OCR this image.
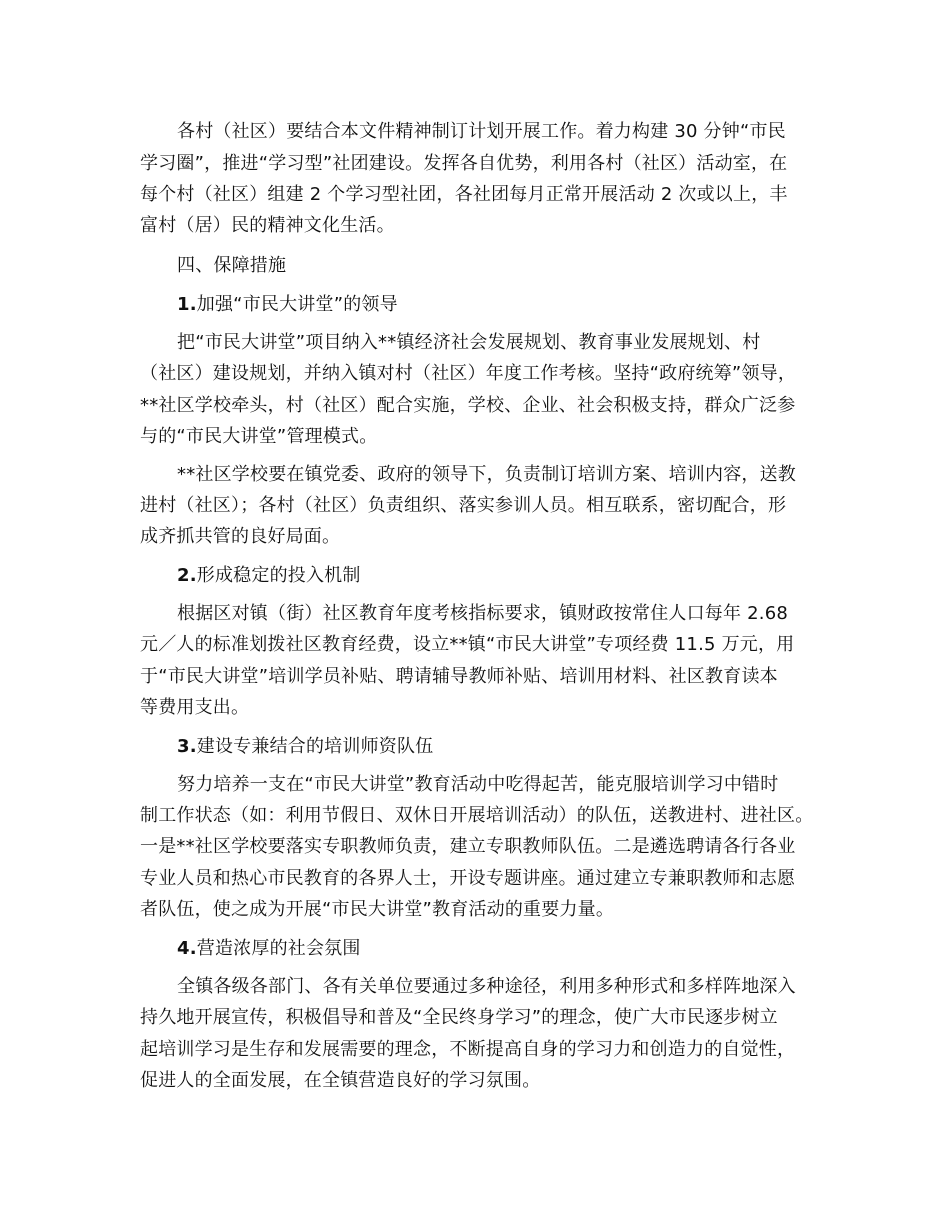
各村（社区）要结合本文件精神制订计划开展工作。着力构建 30 分钟“市民
学习圈”，推进“学习型”社团建设。发挥各自优势，利用各村（社区）活动室，在
每个村（社区）组建 2 个学习型社团，各社团每月正常开展活动 2 次或以上，丰
富村（居）民的精神文化生活。
四、保障措施
1.加强“市民大讲堂”的领导
把“市民大讲堂”项目纳入**镇经济社会发展规划、教育事业发展规划、村
（社区）建设规划，并纳入镇对村（社区）年度工作考核。坚持“政府统筹”领导，
**社区学校牵头，村（社区）配合实施，学校、企业、社会积极支持，群众广泛参
与的“市民大讲堂”管理模式。
**社区学校要在镇党委、政府的领导下，负责制订培训方案、培训内容，送教
进村（社区）；各村（社区）负责组织、落实参训人员。相互联系，密切配合，形
成齐抓共管的良好局面。
2.形成稳定的投入机制
根据区对镇（街）社区教育年度考核指标要求，镇财政按常住人口每年 2.68
元／人的标准划拨社区教育经费，设立**镇“市民大讲堂”专项经费 11.5 万元，用
于“市民大讲堂”培训学员补贴、聘请辅导教师补贴、培训用材料、社区教育读本
等费用支出。
3.建设专兼结合的培训师资队伍
努力培养一支在“市民大讲堂”教育活动中吃得起苦，能克服培训学习中错时
制工作状态（如：利用节假日、双休日开展培训活动）的队伍，送教进村、进社区。
一是**社区学校要落实专职教师负责，建立专职教师队伍。二是遴选聘请各行各业
专业人员和热心市民教育的各界人士，开设专题讲座。通过建立专兼职教师和志愿
者队伍，使之成为开展“市民大讲堂”教育活动的重要力量。
4.营造浓厚的社会氛围
全镇各级各部门、各有关单位要通过多种途径，利用多种形式和多样阵地深入
持久地开展宣传，积极倡导和普及“全民终身学习”的理念，使广大市民逐步树立
起培训学习是生存和发展需要的理念，不断提高自身的学习力和创造力的自觉性，
促进人的全面发展，在全镇营造良好的学习氛围。
